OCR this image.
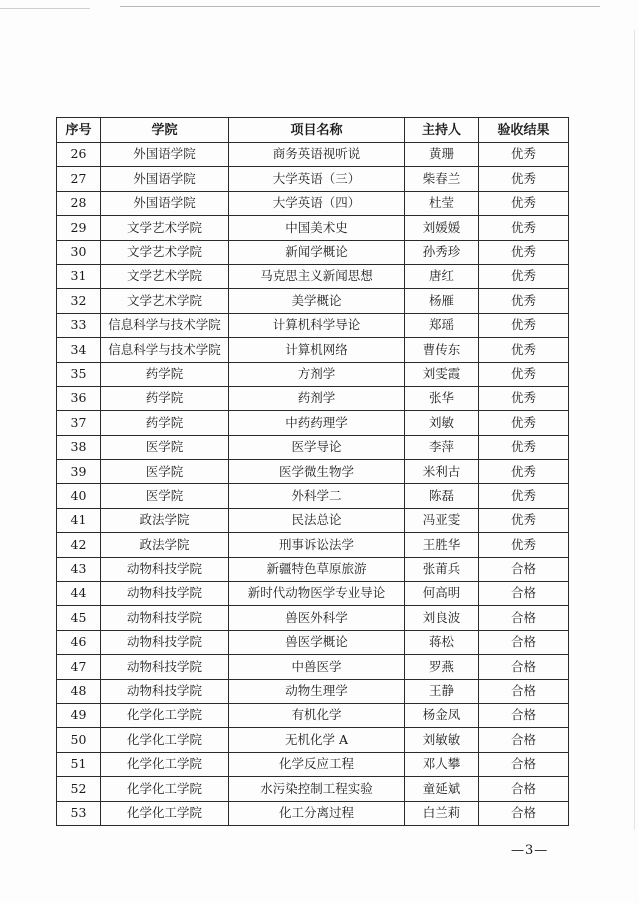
序号	学院	项目名称	主持人	验收结果
26	外国语学院	商务英语视听说	黄珊	优秀
27	外国语学院	大学英语（三）	柴春兰	优秀
28	外国语学院	大学英语（四）	杜莹	优秀
29	文学艺术学院	中国美术史	刘媛媛	优秀
30	文学艺术学院	新闻学概论	孙秀珍	优秀
31	文学艺术学院	马克思主义新闻思想	唐红	优秀
32	文学艺术学院	美学概论	杨雁	优秀
33	信息科学与技术学院	计算机科学导论	郑瑶	优秀
34	信息科学与技术学院	计算机网络	曹传东	优秀
35	药学院	方剂学	刘雯霞	优秀
36	药学院	药剂学	张华	优秀
37	药学院	中药药理学	刘敏	优秀
38	医学院	医学导论	李萍	优秀
39	医学院	医学微生物学	米利古	优秀
40	医学院	外科学二	陈磊	优秀
41	政法学院	民法总论	冯亚雯	优秀
42	政法学院	刑事诉讼法学	王胜华	优秀
43	动物科技学院	新疆特色草原旅游	张莆兵	合格
44	动物科技学院	新时代动物医学专业导论	何高明	合格
45	动物科技学院	兽医外科学	刘良波	合格
46	动物科技学院	兽医学概论	蒋松	合格
47	动物科技学院	中兽医学	罗燕	合格
48	动物科技学院	动物生理学	王静	合格
49	化学化工学院	有机化学	杨金凤	合格
50	化学化工学院	无机化学 A	刘敏敏	合格
51	化学化工学院	化学反应工程	邓人攀	合格
52	化学化工学院	水污染控制工程实验	童延斌	合格
53	化学化工学院	化工分离过程	白兰莉	合格
—3—
